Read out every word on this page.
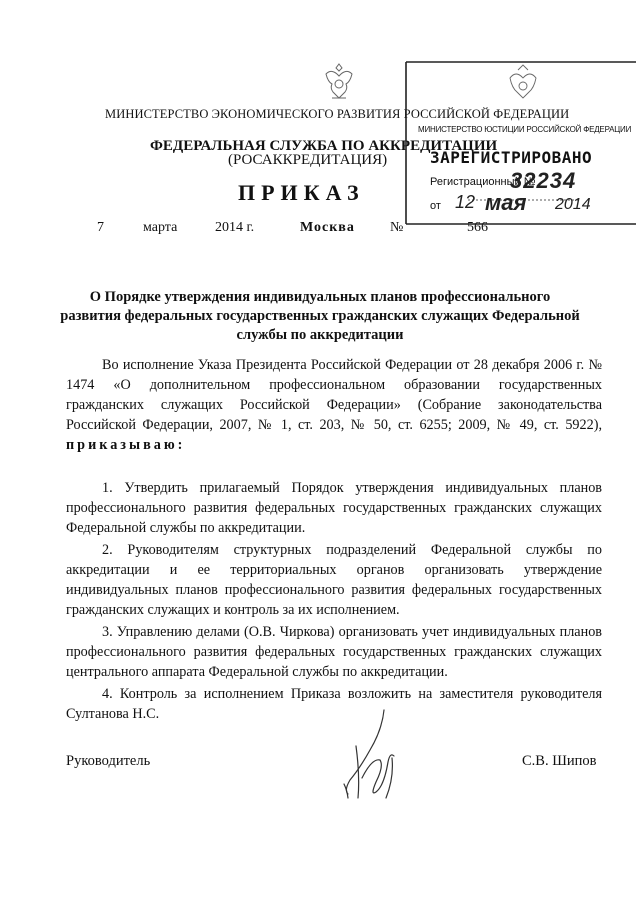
МИНИСТЕРСТВО ЭКОНОМИЧЕСКОГО РАЗВИТИЯ РОССИЙСКОЙ ФЕДЕРАЦИИ
ФЕДЕРАЛЬНАЯ СЛУЖБА ПО АККРЕДИТАЦИИ
(РОСАККРЕДИТАЦИЯ)
ПРИКАЗ
7	марта	2014 г.	Москва	№	566
МИНИСТЕРСТВО ЮСТИЦИИ РОССИЙСКОЙ ФЕДЕРАЦИИ
ЗАРЕГИСТРИРОВАНО
Регистрационный №
32234
от 12 мая 2014
О Порядке утверждения индивидуальных планов профессионального развития федеральных государственных гражданских служащих Федеральной службы по аккредитации
Во исполнение Указа Президента Российской Федерации от 28 декабря 2006 г. № 1474 «О дополнительном профессиональном образовании государственных гражданских служащих Российской Федерации» (Собрание законодательства Российской Федерации, 2007, № 1, ст. 203, № 50, ст. 6255; 2009, № 49, ст. 5922), приказываю:
1. Утвердить прилагаемый Порядок утверждения индивидуальных планов профессионального развития федеральных государственных гражданских служащих Федеральной службы по аккредитации.
2. Руководителям структурных подразделений Федеральной службы по аккредитации и ее территориальных органов организовать утверждение индивидуальных планов профессионального развития федеральных государственных гражданских служащих и контроль за их исполнением.
3. Управлению делами (О.В. Чиркова) организовать учет индивидуальных планов профессионального развития федеральных государственных гражданских служащих центрального аппарата Федеральной службы по аккредитации.
4. Контроль за исполнением Приказа возложить на заместителя руководителя Султанова Н.С.
Руководитель	С.В. Шипов
